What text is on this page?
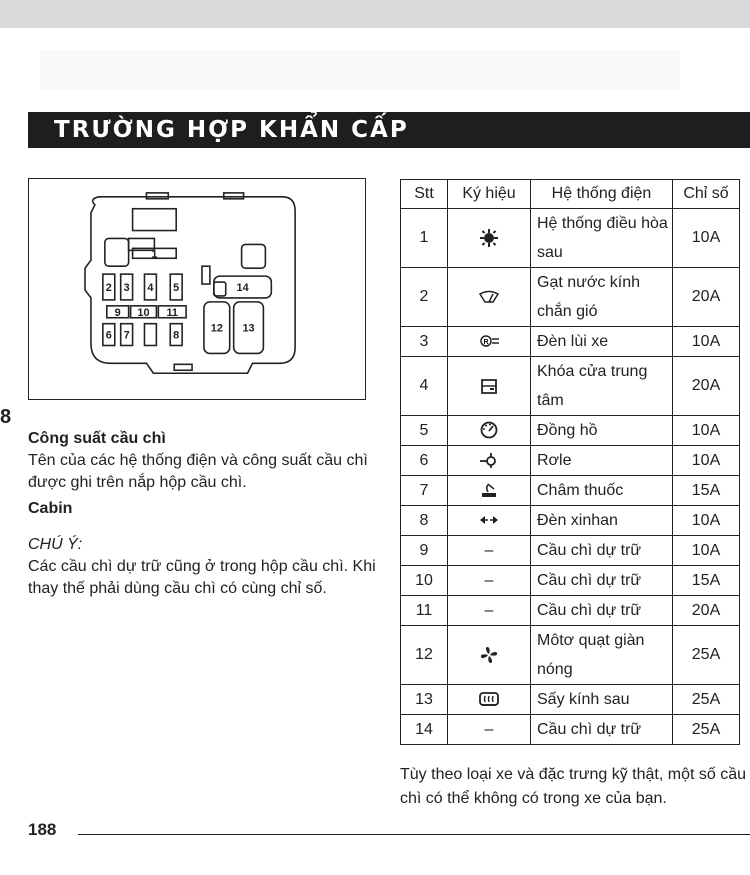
TRƯỜNG HỢP KHẨN CẤP
1
2 3 4 5
6 7	8
9 10 11
12 13
14
8

Công suất cầu chì

Tên của các hệ thống điện và công suất cầu chì được ghi trên nắp hộp cầu chì.

Cabin

CHÚ Ý:

Các cầu chì dự trữ cũng ở trong hộp cầu chì. Khi thay thế phải dùng cầu chì có cùng chỉ số.

Stt	Ký hiệu	Hệ thống điện	Chỉ số
1		Hệ thống điều hòa sau	10A
2		Gạt nước kính chắn gió	20A
3	R	Đèn lùi xe	10A
4		Khóa cửa trung tâm	20A
5		Đồng hồ	10A
6		Rơle	10A
7		Châm thuốc	15A
8		Đèn xinhan	10A
9	–	Cầu chì dự trữ	10A
10	–	Cầu chì dự trữ	15A
11	–	Cầu chì dự trữ	20A
12		Môtơ quạt giàn nóng	25A
13		Sấy kính sau	25A
14	–	Cầu chì dự trữ	25A
Tùy theo loại xe và đặc trưng kỹ thật, một số cầu chì có thể không có trong xe của bạn.
188
